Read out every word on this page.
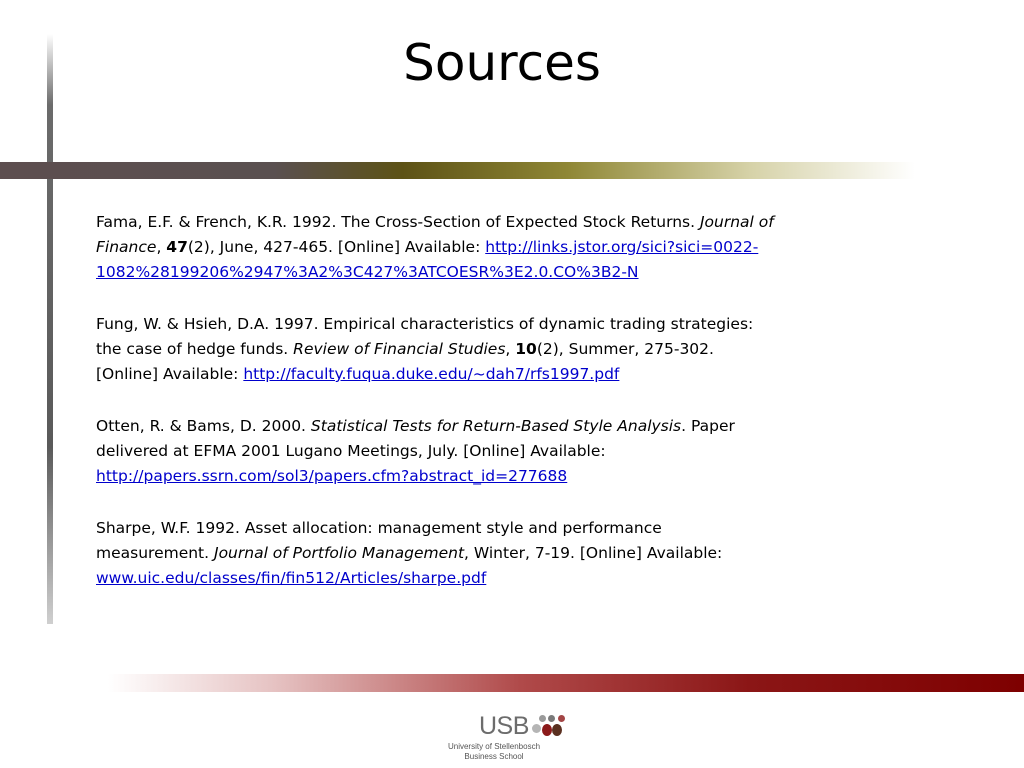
Sources

Fama, E.F. & French, K.R. 1992. The Cross-Section of Expected Stock Returns. Journal of Finance, 47(2), June, 427-465. [Online] Available: http://links.jstor.org/sici?sici=0022-1082%28199206%2947%3A2%3C427%3ATCOESR%3E2.0.CO%3B2-N

Fung, W. & Hsieh, D.A. 1997. Empirical characteristics of dynamic trading strategies: the case of hedge funds. Review of Financial Studies, 10(2), Summer, 275-302. [Online] Available: http://faculty.fuqua.duke.edu/~dah7/rfs1997.pdf

Otten, R. & Bams, D. 2000. Statistical Tests for Return-Based Style Analysis. Paper delivered at EFMA 2001 Lugano Meetings, July. [Online] Available: http://papers.ssrn.com/sol3/papers.cfm?abstract_id=277688

Sharpe, W.F. 1992. Asset allocation: management style and performance measurement. Journal of Portfolio Management, Winter, 7-19. [Online] Available: www.uic.edu/classes/fin/fin512/Articles/sharpe.pdf

USB
University of Stellenbosch
Business School
